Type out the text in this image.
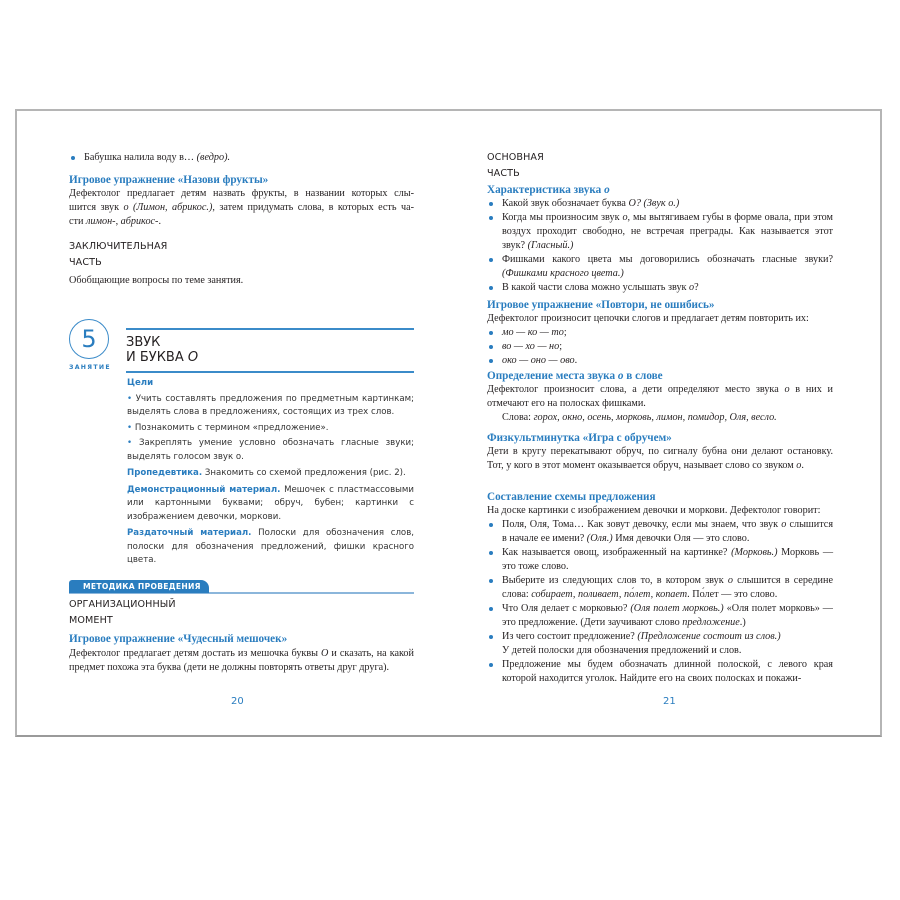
Бабушка налила воду в… (ведро).
Игровое упражнение «Назови фрукты»
Дефектолог предлагает детям назвать фрукты, в названии которых слы-
шится звук о (Лимон, абрикос.), затем придумать слова, в которых есть ча-
сти лимон-, абрикос-.
ЗАКЛЮЧИТЕЛЬНАЯ
ЧАСТЬ
Обобщающие вопросы по теме занятия.
5
ЗАНЯТИЕ
ЗВУК
И БУКВА О
Цели
• Учить составлять предложения по предметным картинкам; выделять слова в предложениях, состоящих из трех слов.
• Познакомить с термином «предложение».
• Закреплять умение условно обозначать гласные звуки; выделять голосом звук о.
Пропедевтика. Знакомить со схемой предложения (рис. 2).
Демонстрационный материал. Мешочек с пластмассовыми или картонными буквами; обруч, бубен; картинки с изображением девочки, моркови.
Раздаточный материал. Полоски для обозначения слов, полоски для обозначения предложений, фишки красного цвета.
МЕТОДИКА ПРОВЕДЕНИЯ
ОРГАНИЗАЦИОННЫЙ
МОМЕНТ
Игровое упражнение «Чудесный мешочек»
Дефектолог предлагает детям достать из мешочка буквы О и сказать, на какой предмет похожа эта буква (дети не должны повторять ответы друг друга).
20
ОСНОВНАЯ
ЧАСТЬ
Характеристика звука о
Какой звук обозначает буква О? (Звук о.)
Когда мы произносим звук о, мы вытягиваем губы в форме овала, при этом воздух проходит свободно, не встречая преграды. Как называется этот звук? (Гласный.)
Фишками какого цвета мы договорились обозначать гласные звуки? (Фишками красного цвета.)
В какой части слова можно услышать звук о?
Игровое упражнение «Повтори, не ошибись»
Дефектолог произносит цепочки слогов и предлагает детям повторить их:
мо — ко — то;
во — хо — но;
око — оно — ово.
Определение места звука о в слове
Дефектолог произносит слова, а дети определяют место звука о в них и отмечают его на полосках фишками.
Слова: горох, окно, осень, морковь, лимон, помидор, Оля, весло.
Физкультминутка «Игра с обручем»
Дети в кругу перекатывают обруч, по сигналу бубна они делают остановку. Тот, у кого в этот момент оказывается обруч, называет слово со звуком о.
Составление схемы предложения
На доске картинки с изображением девочки и моркови. Дефектолог говорит:
Поля, Оля, Тома… Как зовут девочку, если мы знаем, что звук о слышится в начале ее имени? (Оля.) Имя девочки Оля — это слово.
Как называется овощ, изображенный на картинке? (Морковь.) Морковь — это тоже слово.
Выберите из следующих слов то, в котором звук о слышится в середине слова: собирает, поливает, по́лет, копает. По́лет — это слово.
Что Оля делает с морковью? (Оля полет морковь.) «Оля полет морковь» — это предложение. (Дети заучивают слово предложение.)
Из чего состоит предложение? (Предложение состоит из слов.)
У детей полоски для обозначения предложений и слов.
Предложение мы будем обозначать длинной полоской, с левого края которой находится уголок. Найдите его на своих полосках и покажи-
21
